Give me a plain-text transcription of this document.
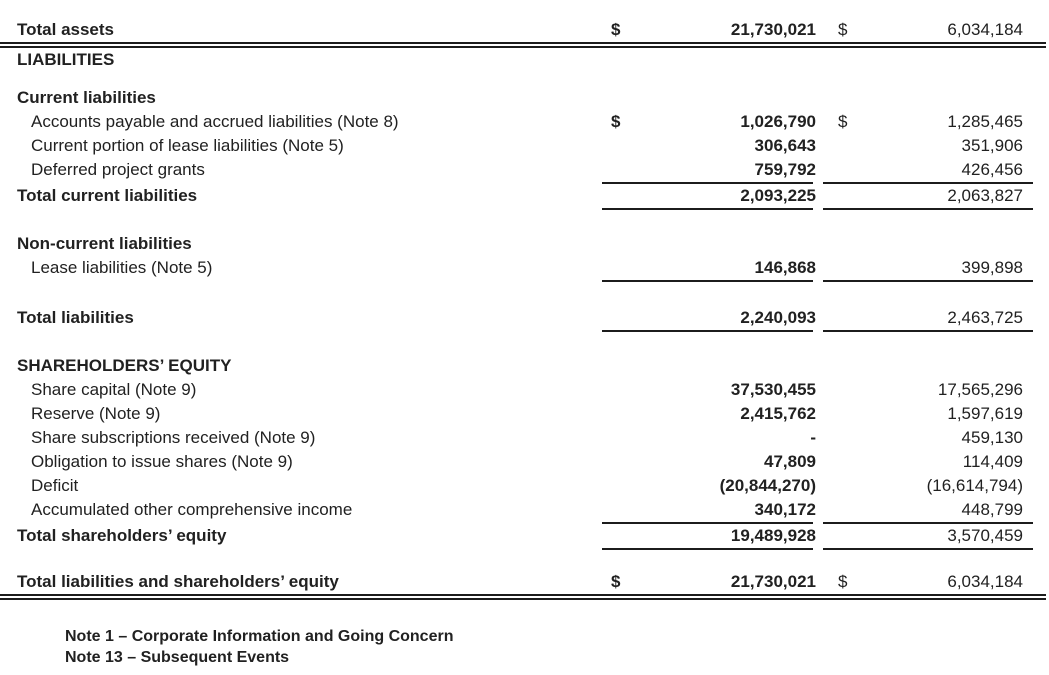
Total assets	$	21,730,021	$	6,034,184
LIABILITIES
Current liabilities
Accounts payable and accrued liabilities (Note 8)	$	1,026,790	$	1,285,465
Current portion of lease liabilities (Note 5)	306,643	351,906
Deferred project grants	759,792	426,456
Total current liabilities	2,093,225	2,063,827
Non-current liabilities
Lease liabilities (Note 5)	146,868	399,898
Total liabilities	2,240,093	2,463,725
SHAREHOLDERS’ EQUITY
Share capital (Note 9)	37,530,455	17,565,296
Reserve (Note 9)	2,415,762	1,597,619
Share subscriptions received (Note 9)	-	459,130
Obligation to issue shares (Note 9)	47,809	114,409
Deficit	(20,844,270)	(16,614,794)
Accumulated other comprehensive income	340,172	448,799
Total shareholders’ equity	19,489,928	3,570,459
Total liabilities and shareholders’ equity	$	21,730,021	$	6,034,184
Note 1 – Corporate Information and Going Concern
Note 13 – Subsequent Events
